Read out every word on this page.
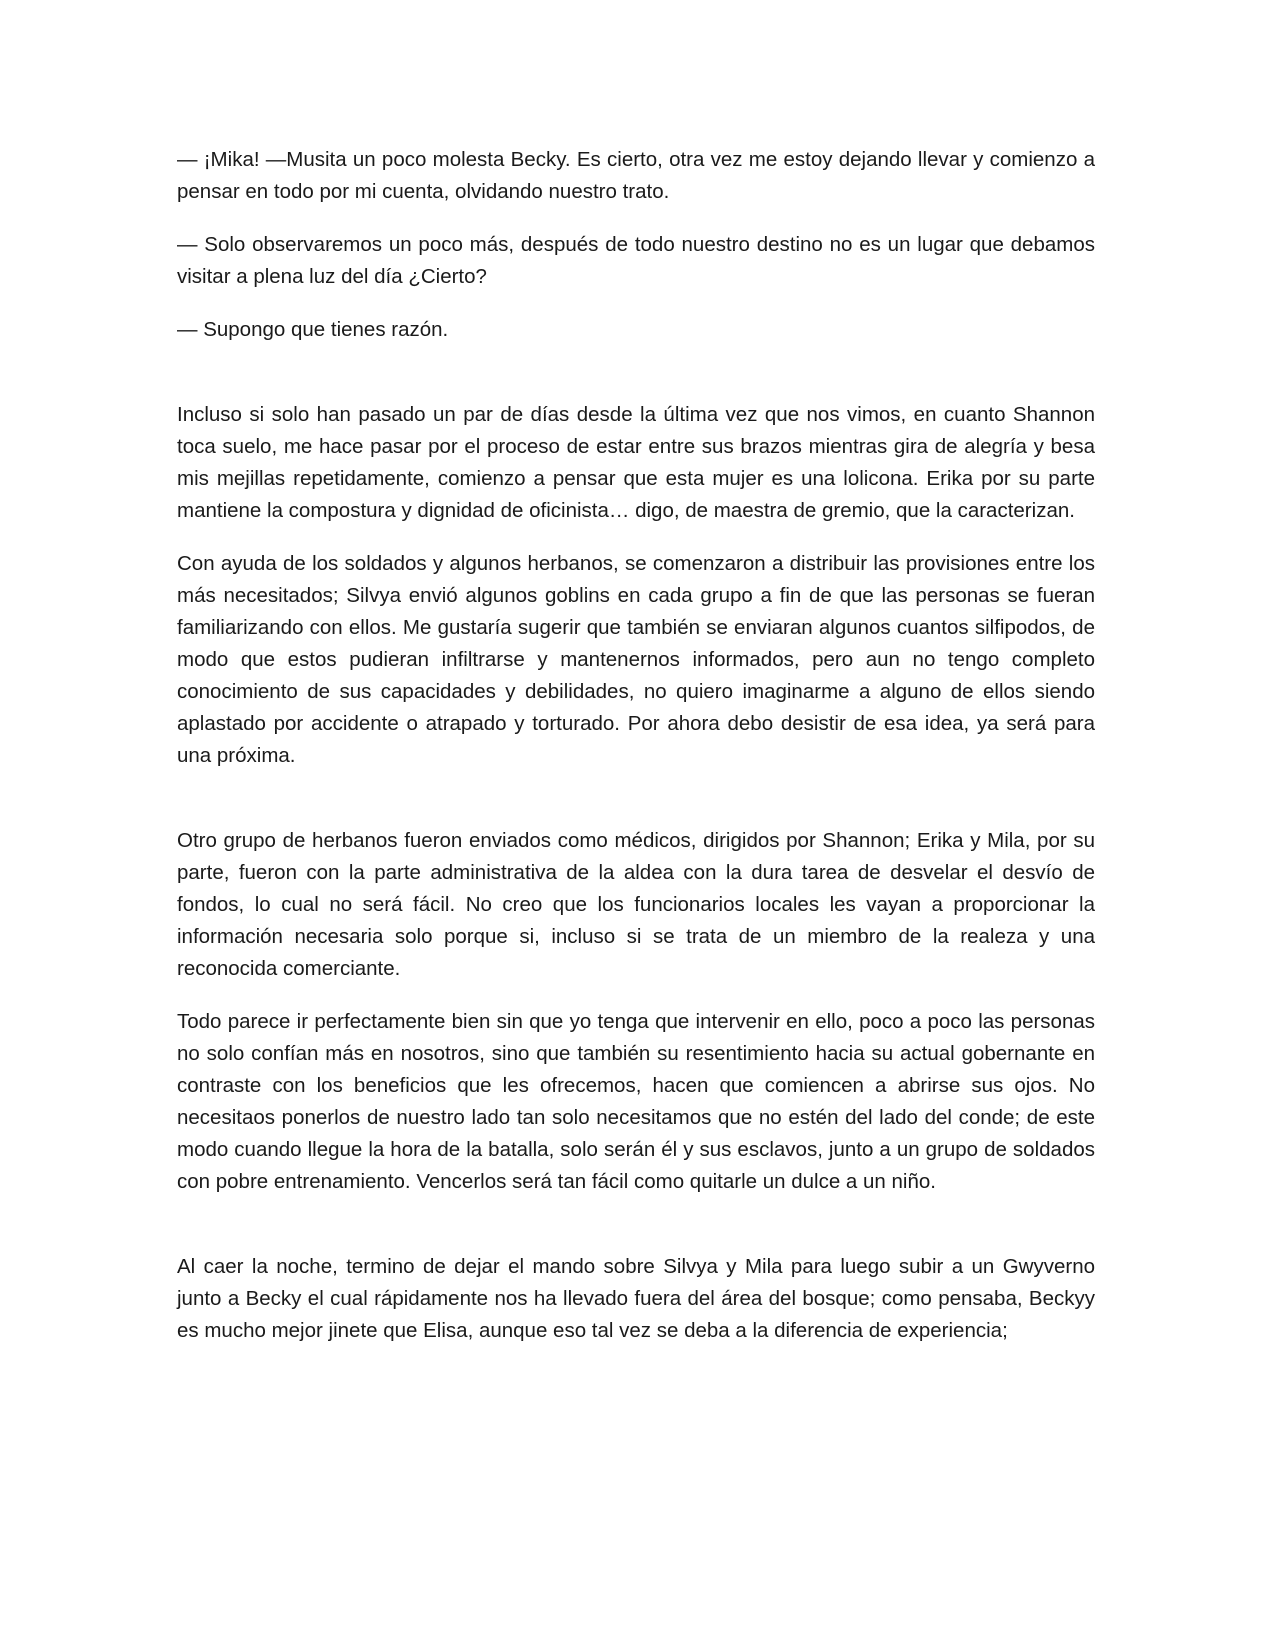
— ¡Mika! —Musita un poco molesta Becky. Es cierto, otra vez me estoy dejando llevar y comienzo a pensar en todo por mi cuenta, olvidando nuestro trato.

— Solo observaremos un poco más, después de todo nuestro destino no es un lugar que debamos visitar a plena luz del día ¿Cierto?

— Supongo que tienes razón.

Incluso si solo han pasado un par de días desde la última vez que nos vimos, en cuanto Shannon toca suelo, me hace pasar por el proceso de estar entre sus brazos mientras gira de alegría y besa mis mejillas repetidamente, comienzo a pensar que esta mujer es una lolicona. Erika por su parte mantiene la compostura y dignidad de oficinista… digo, de maestra de gremio, que la caracterizan.

Con ayuda de los soldados y algunos herbanos, se comenzaron a distribuir las provisiones entre los más necesitados; Silvya envió algunos goblins en cada grupo a fin de que las personas se fueran familiarizando con ellos. Me gustaría sugerir que también se enviaran algunos cuantos silfipodos, de modo que estos pudieran infiltrarse y mantenernos informados, pero aun no tengo completo conocimiento de sus capacidades y debilidades, no quiero imaginarme a alguno de ellos siendo aplastado por accidente o atrapado y torturado. Por ahora debo desistir de esa idea, ya será para una próxima.

Otro grupo de herbanos fueron enviados como médicos, dirigidos por Shannon; Erika y Mila, por su parte, fueron con la parte administrativa de la aldea con la dura tarea de desvelar el desvío de fondos, lo cual no será fácil. No creo que los funcionarios locales les vayan a proporcionar la información necesaria solo porque si, incluso si se trata de un miembro de la realeza y una reconocida comerciante.

Todo parece ir perfectamente bien sin que yo tenga que intervenir en ello, poco a poco las personas no solo confían más en nosotros, sino que también su resentimiento hacia su actual gobernante en contraste con los beneficios que les ofrecemos, hacen que comiencen a abrirse sus ojos. No necesitaos ponerlos de nuestro lado tan solo necesitamos que no estén del lado del conde; de este modo cuando llegue la hora de la batalla, solo serán él y sus esclavos, junto a un grupo de soldados con pobre entrenamiento. Vencerlos será tan fácil como quitarle un dulce a un niño.

Al caer la noche, termino de dejar el mando sobre Silvya y Mila para luego subir a un Gwyverno junto a Becky el cual rápidamente nos ha llevado fuera del área del bosque; como pensaba, Beckyy es mucho mejor jinete que Elisa, aunque eso tal vez se deba a la diferencia de experiencia;
